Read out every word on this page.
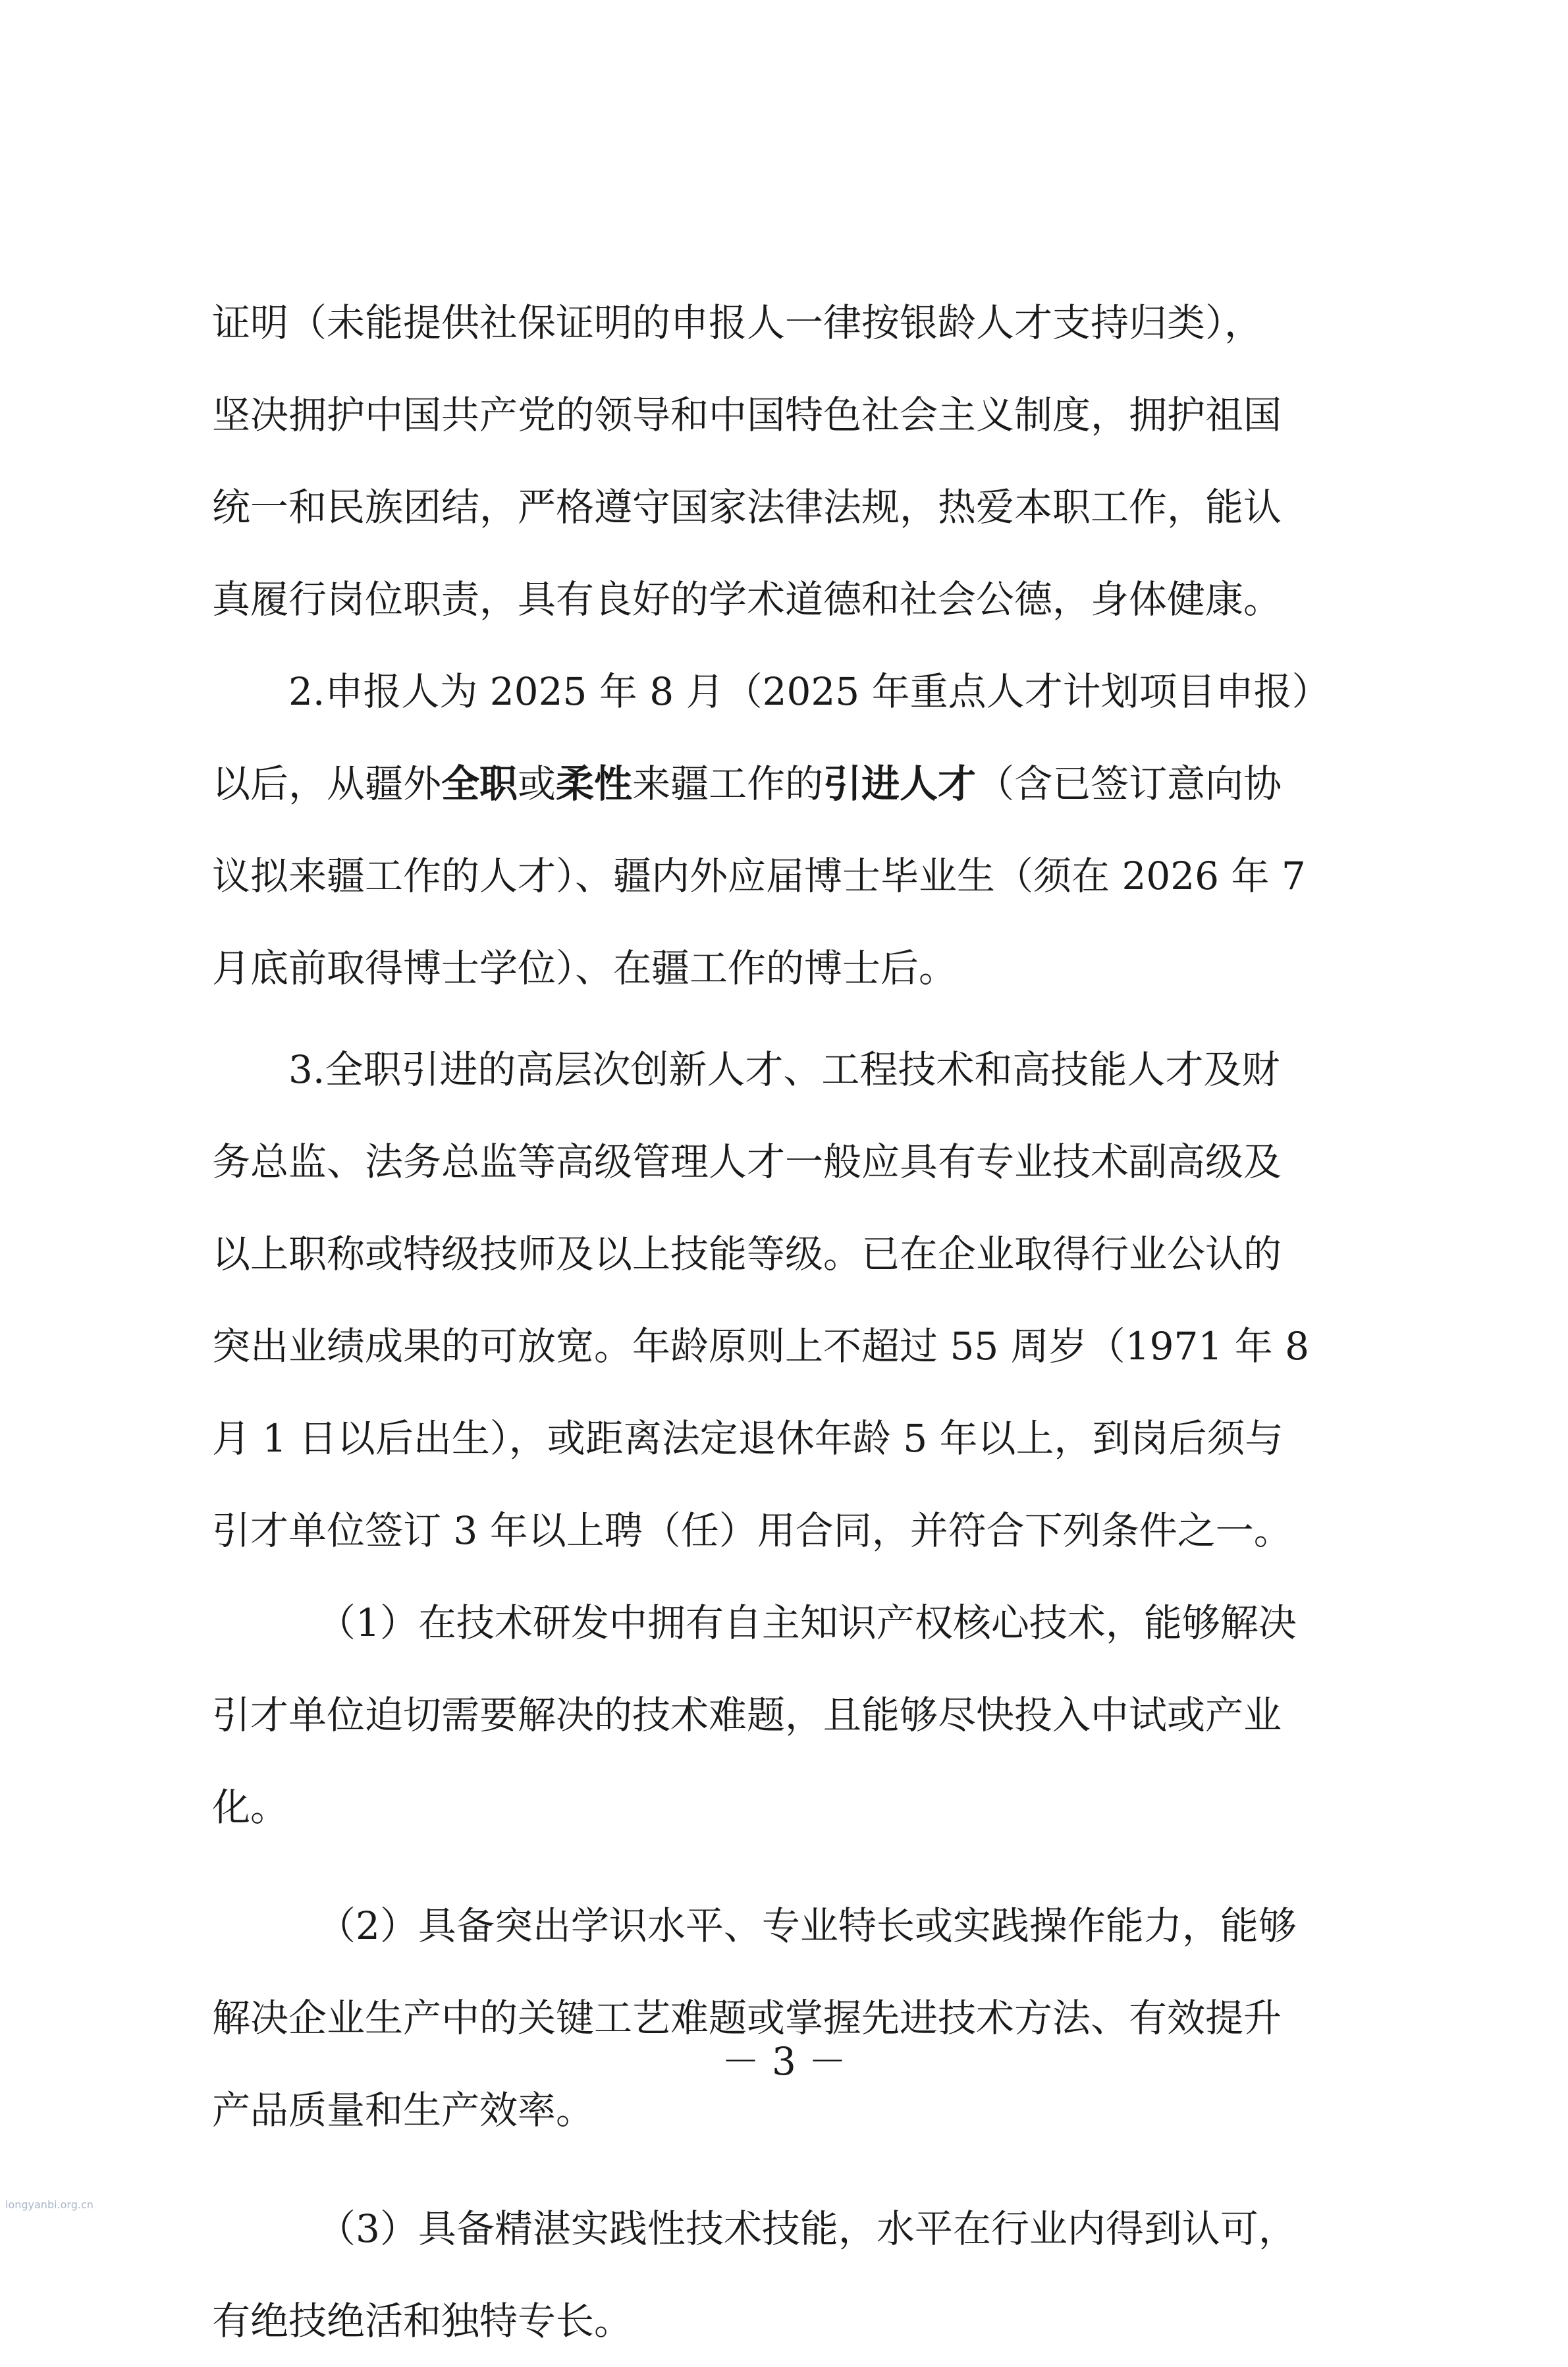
证明（未能提供社保证明的申报人一律按银龄人才支持归类），
坚决拥护中国共产党的领导和中国特色社会主义制度，拥护祖国
统一和民族团结，严格遵守国家法律法规，热爱本职工作，能认
真履行岗位职责，具有良好的学术道德和社会公德，身体健康。
2.申报人为 2025 年 8 月（2025 年重点人才计划项目申报）
以后，从疆外 全职 或 柔性 来疆工作的 引进人才 （含已签订意向协
议拟来疆工作的人才）、疆内外应届博士毕业生（须在 2026 年 7
月底前取得博士学位）、在疆工作的博士后。
3.全职引进的高层次创新人才、工程技术和高技能人才及财
务总监、法务总监等高级管理人才一般应具有专业技术副高级及
以上职称或特级技师及以上技能等级。已在企业取得行业公认的
突出业绩成果的可放宽。年龄原则上不超过 55 周岁（1971 年 8
月 1 日以后出生），或距离法定退休年龄 5 年以上，到岗后须与
引才单位签订 3 年以上聘（任）用合同，并符合下列条件之一。
（1）在技术研发中拥有自主知识产权核心技术，能够解决
引才单位迫切需要解决的技术难题，且能够尽快投入中试或产业
化。
（2）具备突出学识水平、专业特长或实践操作能力，能够
解决企业生产中的关键工艺难题或掌握先进技术方法、有效提升
产品质量和生产效率。
（3）具备精湛实践性技术技能，水平在行业内得到认可，
有绝技绝活和独特专长。
－ 3 －
longyanbi.org.cn
